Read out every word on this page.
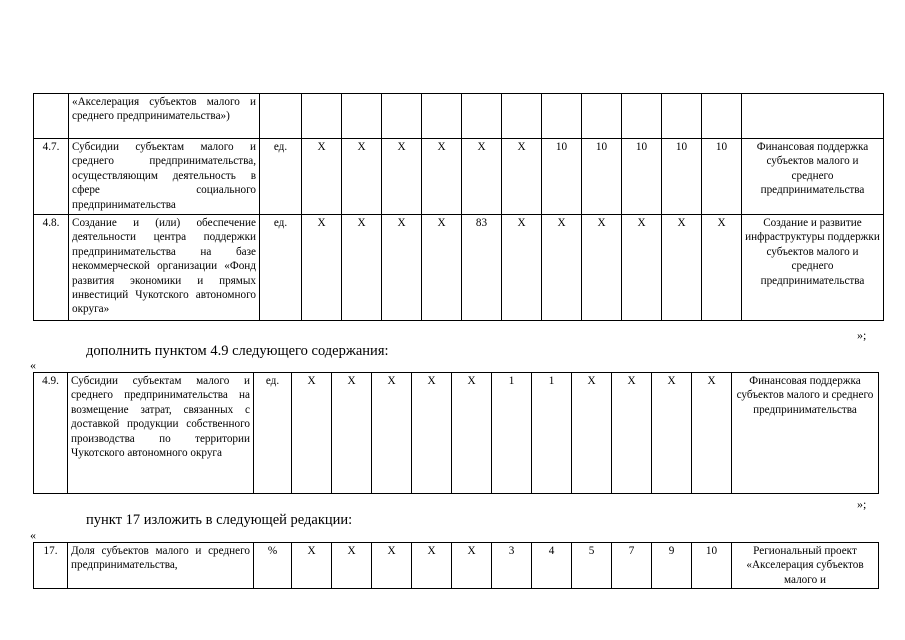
	«Акселерация субъектов малого и среднего предпринимательства»)													
4.7.	Субсидии субъектам малого и среднего предпринимательства, осуществляющим деятельность в сфере социального предпринимательства	ед.	X	X	X	X	X	X	10	10	10	10	10	Финансовая поддержка субъектов малого и среднего предпринимательства
4.8.	Создание и (или) обеспечение деятельности центра поддержки предпринимательства на базе некоммерческой организации «Фонд развития экономики и прямых инвестиций Чукотского автономного округа»	ед.	X	X	X	X	83	X	X	X	X	X	X	Создание и развитие инфраструктуры поддержки субъектов малого и среднего предпринимательства
»;
дополнить пунктом 4.9 следующего содержания:
«
4.9.	Субсидии субъектам малого и среднего предпринимательства на возмещение затрат, связанных с доставкой продукции собственного производства по территории Чукотского автономного округа	ед.	X	X	X	X	X	1	1	X	X	X	X	Финансовая поддержка субъектов малого и среднего предпринимательства
»;
пункт 17 изложить в следующей редакции:
«
17.	Доля субъектов малого и среднего предпринимательства,	%	X	X	X	X	X	3	4	5	7	9	10	Региональный проект «Акселерация субъектов малого и
